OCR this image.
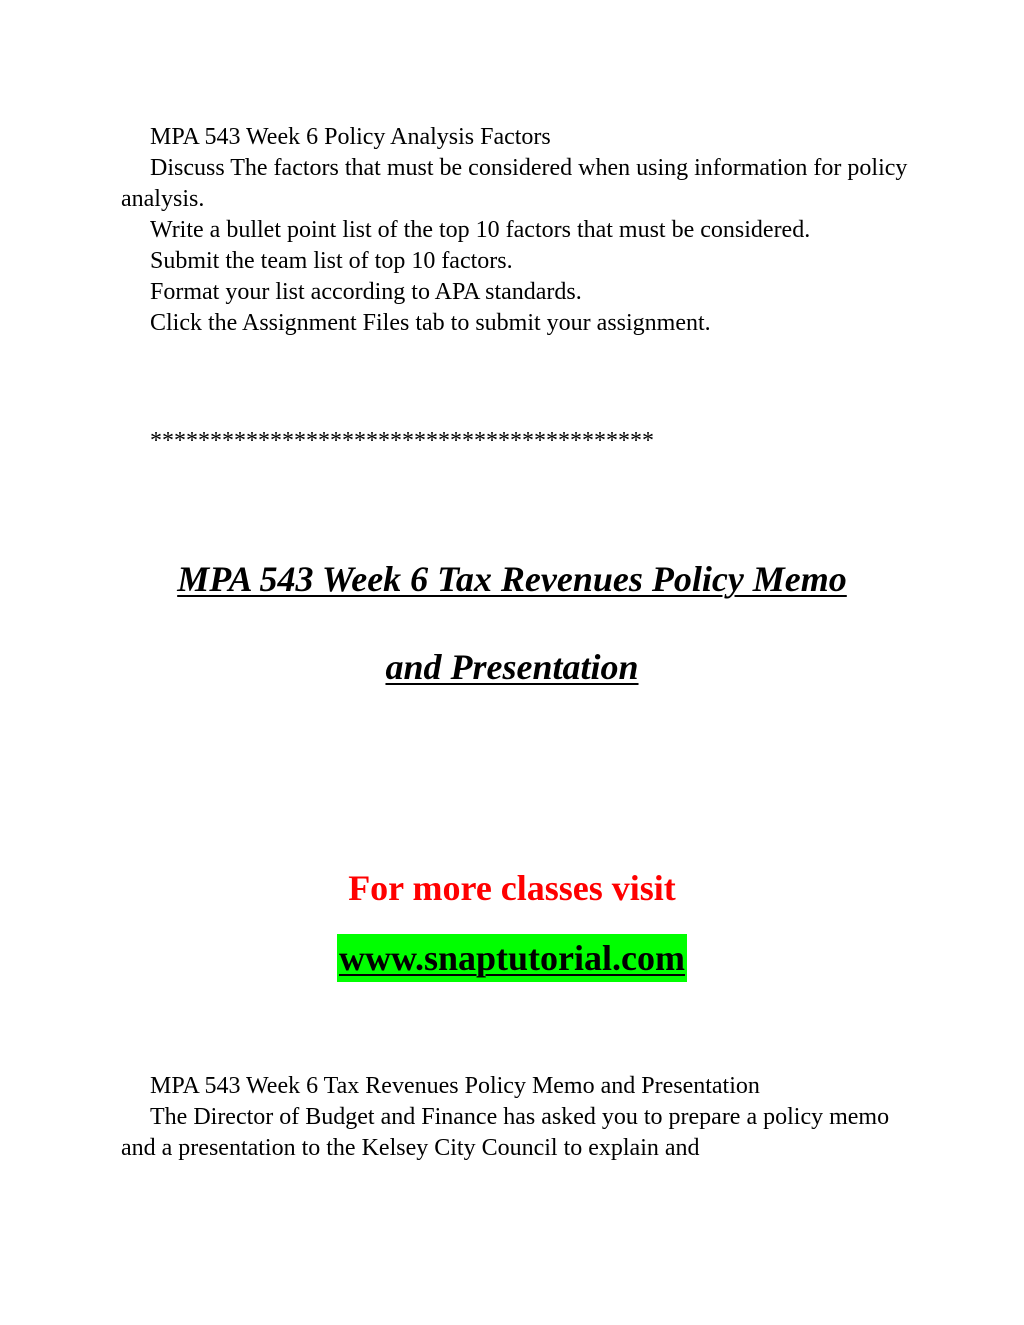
MPA 543 Week 6 Policy Analysis Factors

Discuss The factors that must be considered when using information for policy analysis.

Write a bullet point list of the top 10 factors that must be considered.

Submit the team list of top 10 factors.

Format your list according to APA standards.

Click the Assignment Files tab to submit your assignment.

******************************************
MPA 543 Week 6 Tax Revenues Policy Memo
and Presentation
For more classes visit
www.snaptutorial.com

MPA 543 Week 6 Tax Revenues Policy Memo and Presentation

The Director of Budget and Finance has asked you to prepare a policy memo and a presentation to the Kelsey City Council to explain and
